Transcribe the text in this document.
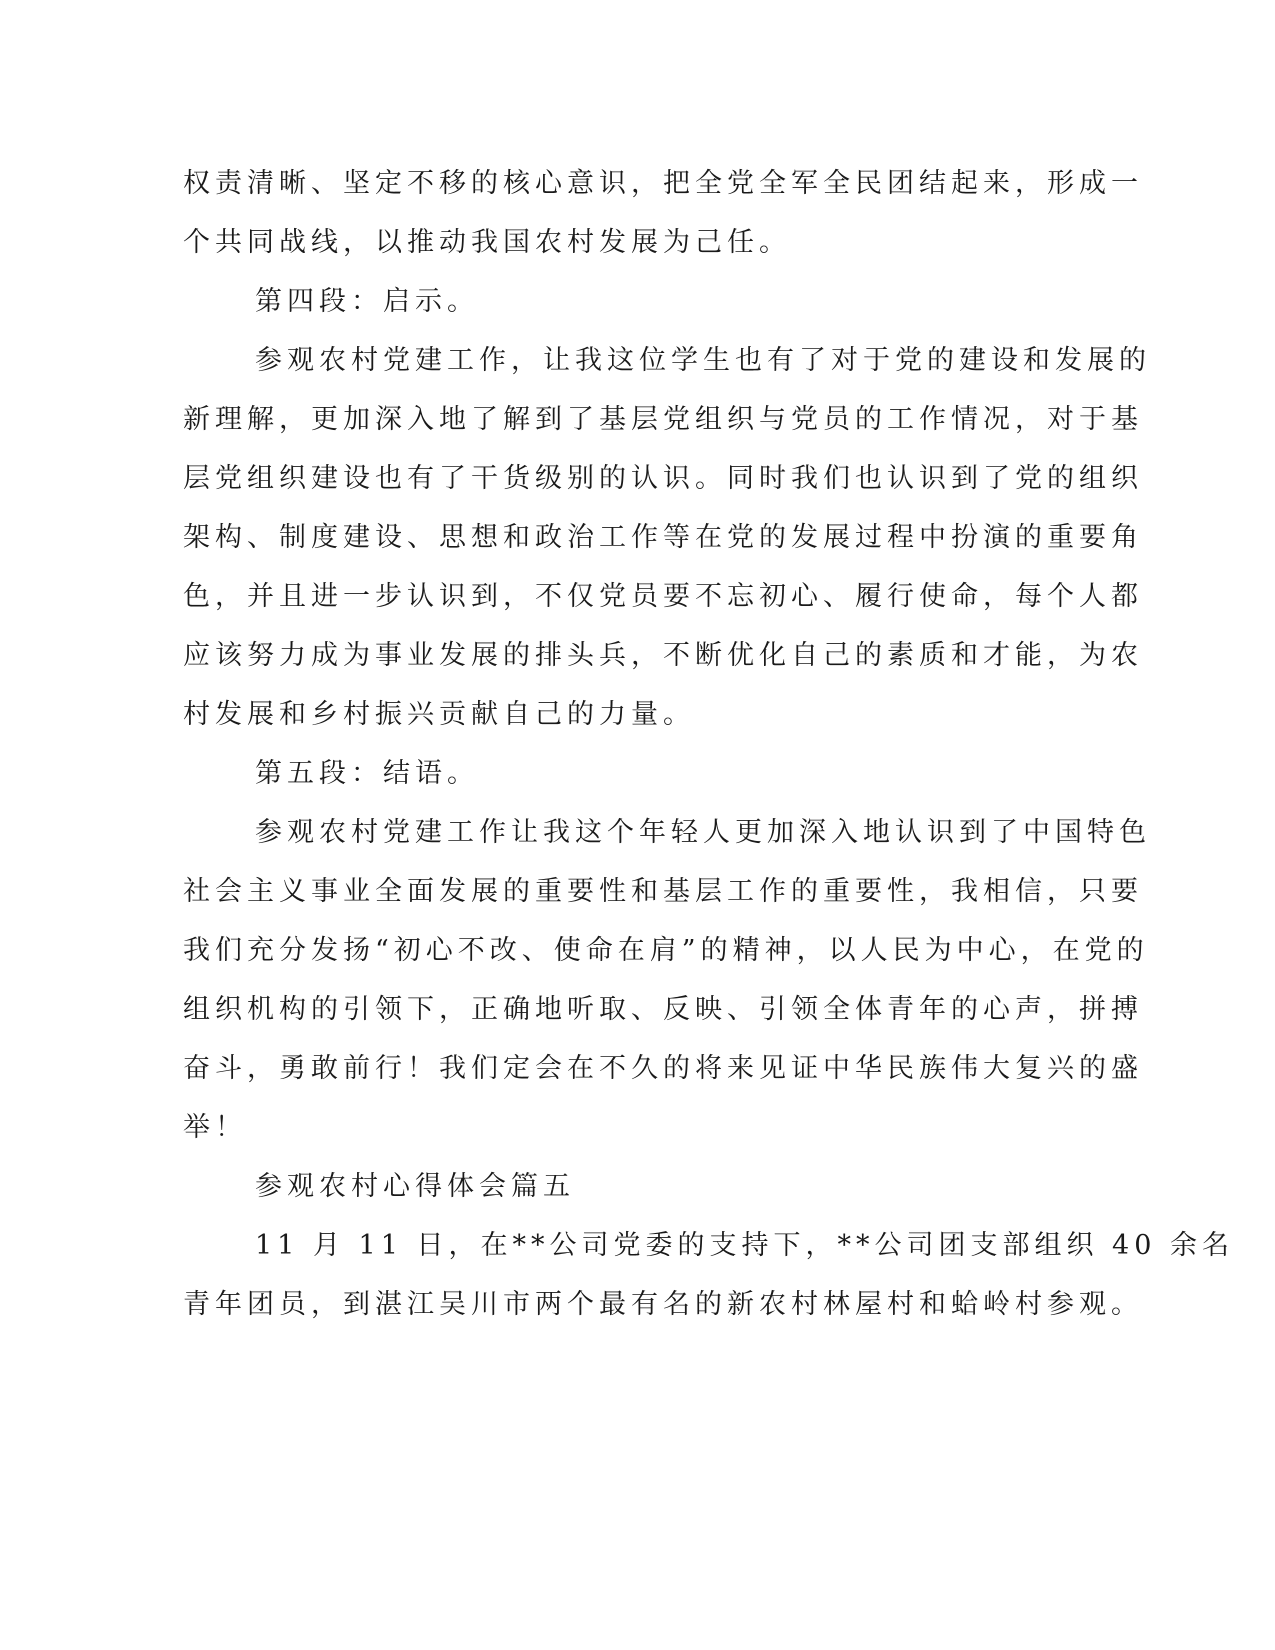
权责清晰、坚定不移的核心意识，把全党全军全民团结起来，形成一
个共同战线，以推动我国农村发展为己任。
第四段：启示。
参观农村党建工作，让我这位学生也有了对于党的建设和发展的
新理解，更加深入地了解到了基层党组织与党员的工作情况，对于基
层党组织建设也有了干货级别的认识。同时我们也认识到了党的组织
架构、制度建设、思想和政治工作等在党的发展过程中扮演的重要角
色，并且进一步认识到，不仅党员要不忘初心、履行使命，每个人都
应该努力成为事业发展的排头兵，不断优化自己的素质和才能，为农
村发展和乡村振兴贡献自己的力量。
第五段：结语。
参观农村党建工作让我这个年轻人更加深入地认识到了中国特色
社会主义事业全面发展的重要性和基层工作的重要性，我相信，只要
我们充分发扬“初心不改、使命在肩”的精神，以人民为中心，在党的
组织机构的引领下，正确地听取、反映、引领全体青年的心声，拼搏
奋斗，勇敢前行！我们定会在不久的将来见证中华民族伟大复兴的盛
举！
参观农村心得体会篇五
11 月 11 日，在**公司党委的支持下，**公司团支部组织 40 余名
青年团员，到湛江吴川市两个最有名的新农村林屋村和蛤岭村参观。
